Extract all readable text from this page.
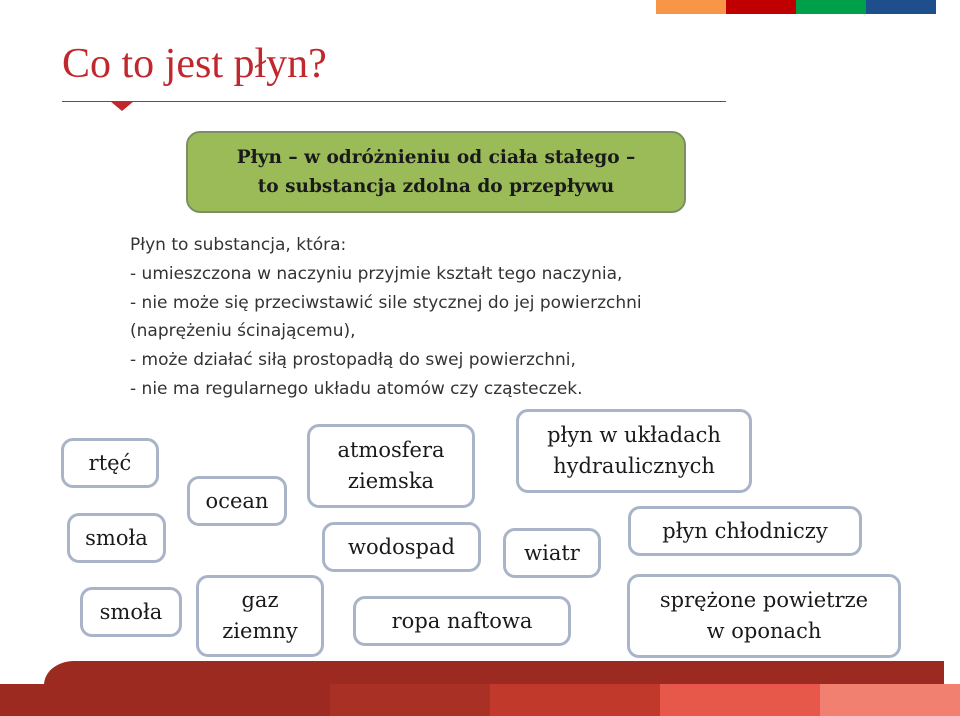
Co to jest płyn?
Płyn – w odróżnieniu od ciała stałego –
to substancja zdolna do przepływu
Płyn to substancja, która:
- umieszczona w naczyniu przyjmie kształt tego naczynia,
- nie może się przeciwstawić sile stycznej do jej powierzchni
(naprężeniu ścinającemu),
- może działać siłą prostopadłą do swej powierzchni,
- nie ma regularnego układu atomów czy cząsteczek.
rtęć
smoła
smoła
ocean
gaz
ziemny
atmosfera
ziemska
wodospad
ropa naftowa
płyn w układach
hydraulicznych
wiatr
płyn chłodniczy
sprężone powietrze
w oponach
